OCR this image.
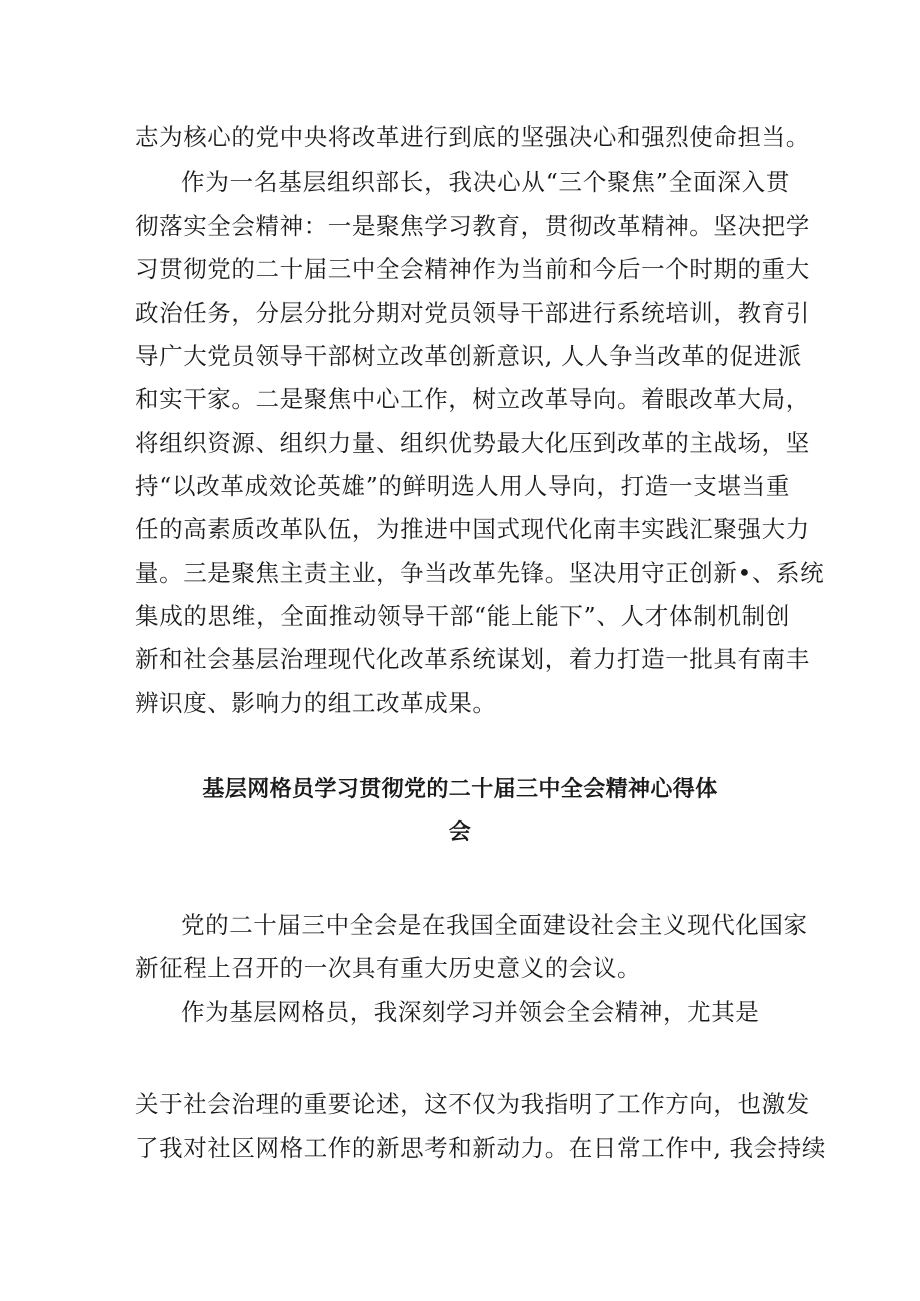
志为核心的党中央将改革进行到底的坚强决心和强烈使命担当。
作为一名基层组织部长，我决心从“三个聚焦”全面深入贯
彻落实全会精神：一是聚焦学习教育，贯彻改革精神。坚决把学
习贯彻党的二十届三中全会精神作为当前和今后一个时期的重大
政治任务，分层分批分期对党员领导干部进行系统培训，教育引
导广大党员领导干部树立改革创新意识, 人人争当改革的促进派
和实干家。二是聚焦中心工作，树立改革导向。着眼改革大局，
将组织资源、组织力量、组织优势最大化压到改革的主战场，坚
持“以改革成效论英雄”的鲜明选人用人导向，打造一支堪当重
任的高素质改革队伍，为推进中国式现代化南丰实践汇聚强大力
量。三是聚焦主责主业，争当改革先锋。坚决用守正创新•、系统
集成的思维，全面推动领导干部“能上能下”、人才体制机制创
新和社会基层治理现代化改革系统谋划，着力打造一批具有南丰
辨识度、影响力的组工改革成果。
基层网格员学习贯彻党的二十届三中全会精神心得体
会
党的二十届三中全会是在我国全面建设社会主义现代化国家
新征程上召开的一次具有重大历史意义的会议。
作为基层网格员，我深刻学习并领会全会精神，尤其是
关于社会治理的重要论述，这不仅为我指明了工作方向，也激发
了我对社区网格工作的新思考和新动力。在日常工作中, 我会持续
